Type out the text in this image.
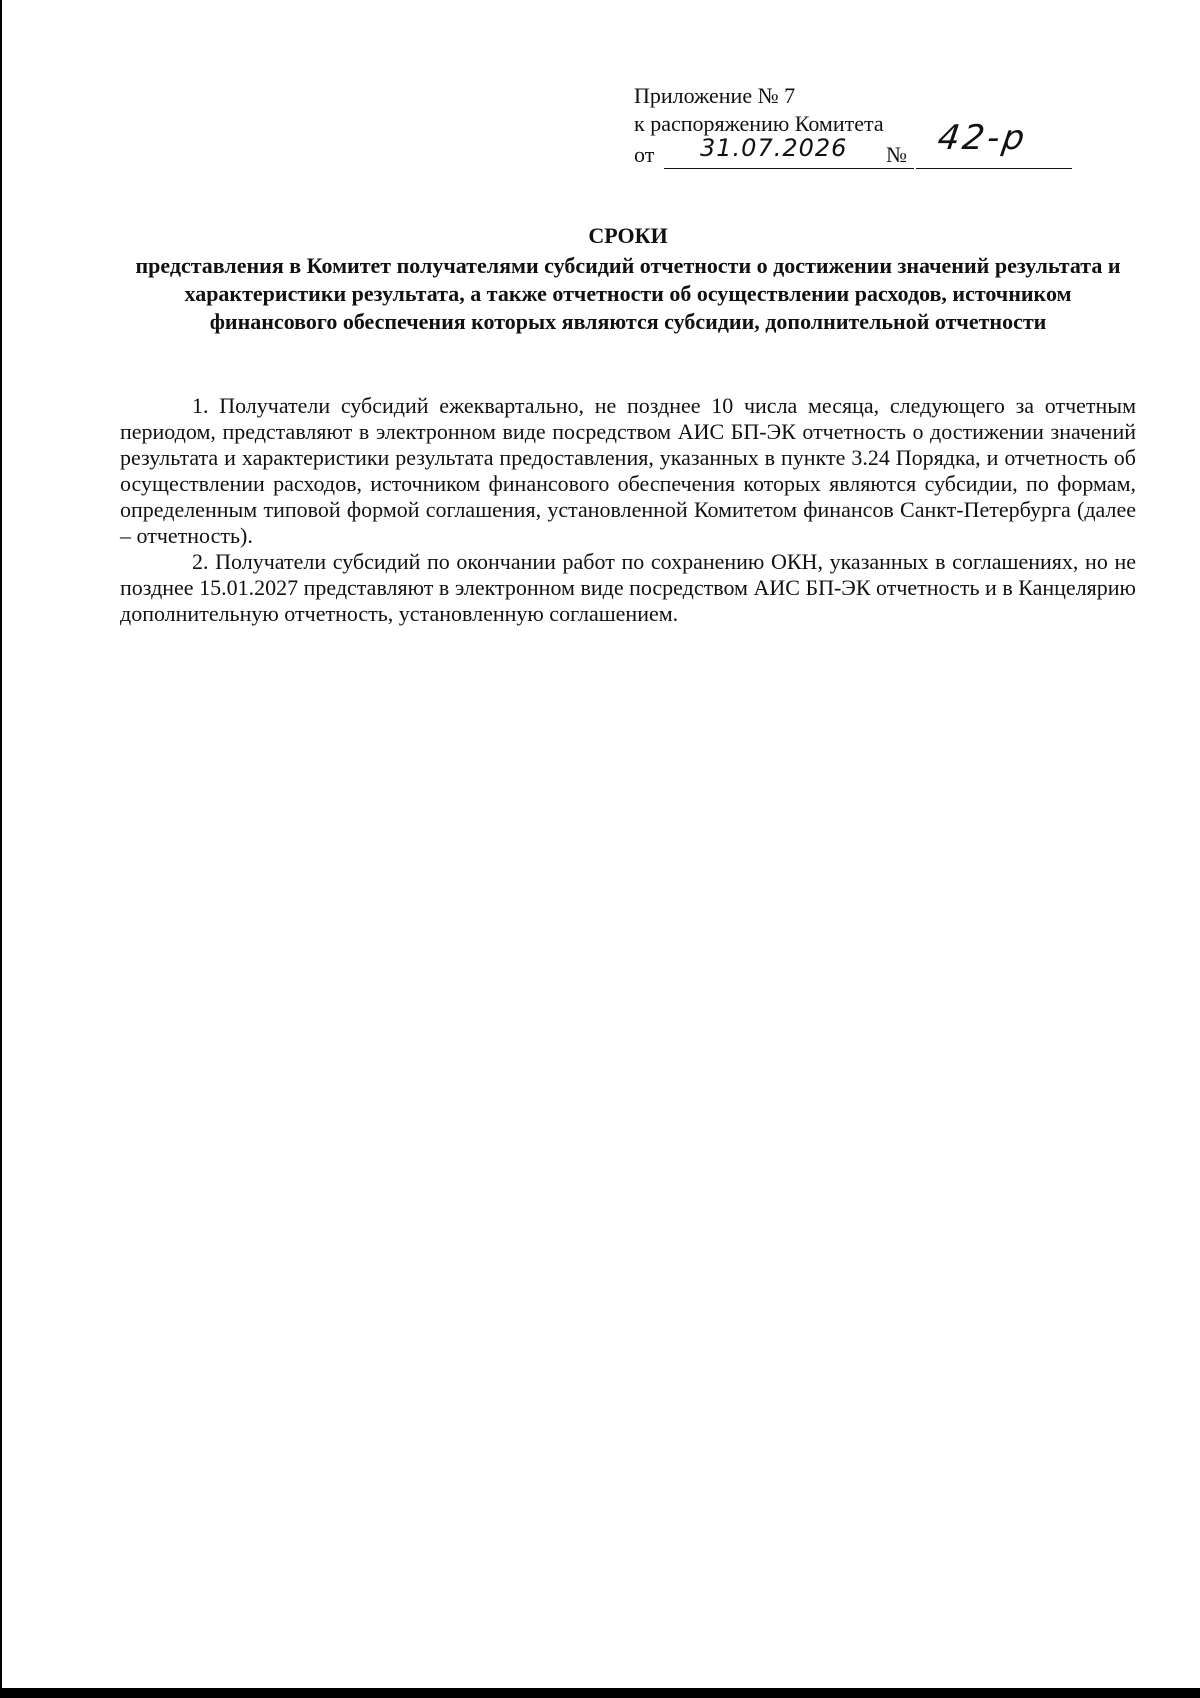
Приложение № 7
к распоряжению Комитета
от 31.07.2026 № 42-р
СРОКИ
представления в Комитет получателями субсидий отчетности о достижении значений результата и характеристики результата, а также отчетности об осуществлении расходов, источником финансового обеспечения которых являются субсидии, дополнительной отчетности

1. Получатели субсидий ежеквартально, не позднее 10 числа месяца, следующего за отчетным периодом, представляют в электронном виде посредством АИС БП-ЭК отчетность о достижении значений результата и характеристики результата предоставления, указанных в пункте 3.24 Порядка, и отчетность об осуществлении расходов, источником финансового обеспечения которых являются субсидии, по формам, определенным типовой формой соглашения, установленной Комитетом финансов Санкт-Петербурга (далее – отчетность).

2. Получатели субсидий по окончании работ по сохранению ОКН, указанных в соглашениях, но не позднее 15.01.2027 представляют в электронном виде посредством АИС БП-ЭК отчетность и в Канцелярию дополнительную отчетность, установленную соглашением.
